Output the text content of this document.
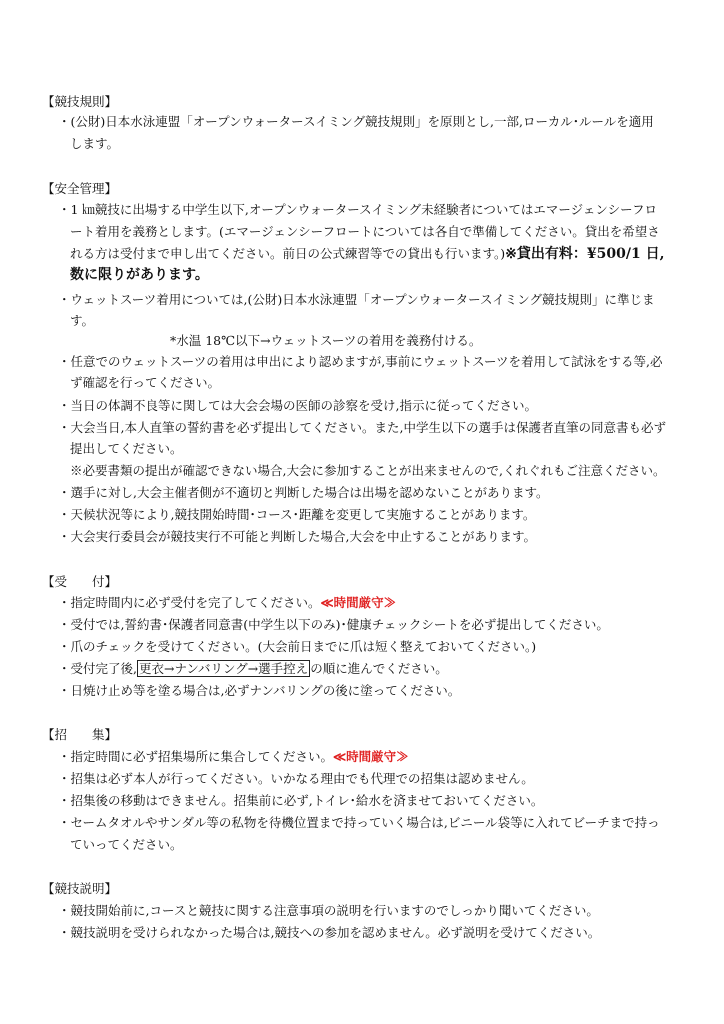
【競技規則】
・(公財)日本水泳連盟「オープンウォータースイミング競技規則」を原則とし,一部,ローカル･ルールを適用
します。
【安全管理】
・1 ㎞競技に出場する中学生以下,オープンウォータースイミング未経験者についてはエマージェンシーフロ
ート着用を義務とします。(エマージェンシーフロートについては各自で準備してください。貸出を希望さ
れる方は受付まで申し出てください。前日の公式練習等での貸出も行います。)※貸出有料：¥500/1 日,
数に限りがあります。
・ウェットスーツ着用については,(公財)日本水泳連盟「オープンウォータースイミング競技規則」に準じま
す。
*水温 18℃以下→ウェットスーツの着用を義務付ける。
・任意でのウェットスーツの着用は申出により認めますが,事前にウェットスーツを着用して試泳をする等,必
ず確認を行ってください。
・当日の体調不良等に関しては大会会場の医師の診察を受け,指示に従ってください。
・大会当日,本人直筆の誓約書を必ず提出してください。また,中学生以下の選手は保護者直筆の同意書も必ず
提出してください。
※必要書類の提出が確認できない場合,大会に参加することが出来ませんので,くれぐれもご注意ください。
・選手に対し,大会主催者側が不適切と判断した場合は出場を認めないことがあります。
・天候状況等により,競技開始時間･コース･距離を変更して実施することがあります。
・大会実行委員会が競技実行不可能と判断した場合,大会を中止することがあります。
【受　　付】
・指定時間内に必ず受付を完了してください。≪時間厳守≫
・受付では,誓約書･保護者同意書(中学生以下のみ)･健康チェックシートを必ず提出してください。
・爪のチェックを受けてください。(大会前日までに爪は短く整えておいてください。)
・受付完了後, 更衣→ナンバリング→選手控え の順に進んでください。
・日焼け止め等を塗る場合は,必ずナンバリングの後に塗ってください。
【招　　集】
・指定時間に必ず招集場所に集合してください。≪時間厳守≫
・招集は必ず本人が行ってください。いかなる理由でも代理での招集は認めません。
・招集後の移動はできません。招集前に必ず,トイレ･給水を済ませておいてください。
・セームタオルやサンダル等の私物を待機位置まで持っていく場合は,ビニール袋等に入れてビーチまで持っ
ていってください。
【競技説明】
・競技開始前に,コースと競技に関する注意事項の説明を行いますのでしっかり聞いてください。
・競技説明を受けられなかった場合は,競技への参加を認めません。必ず説明を受けてください。
